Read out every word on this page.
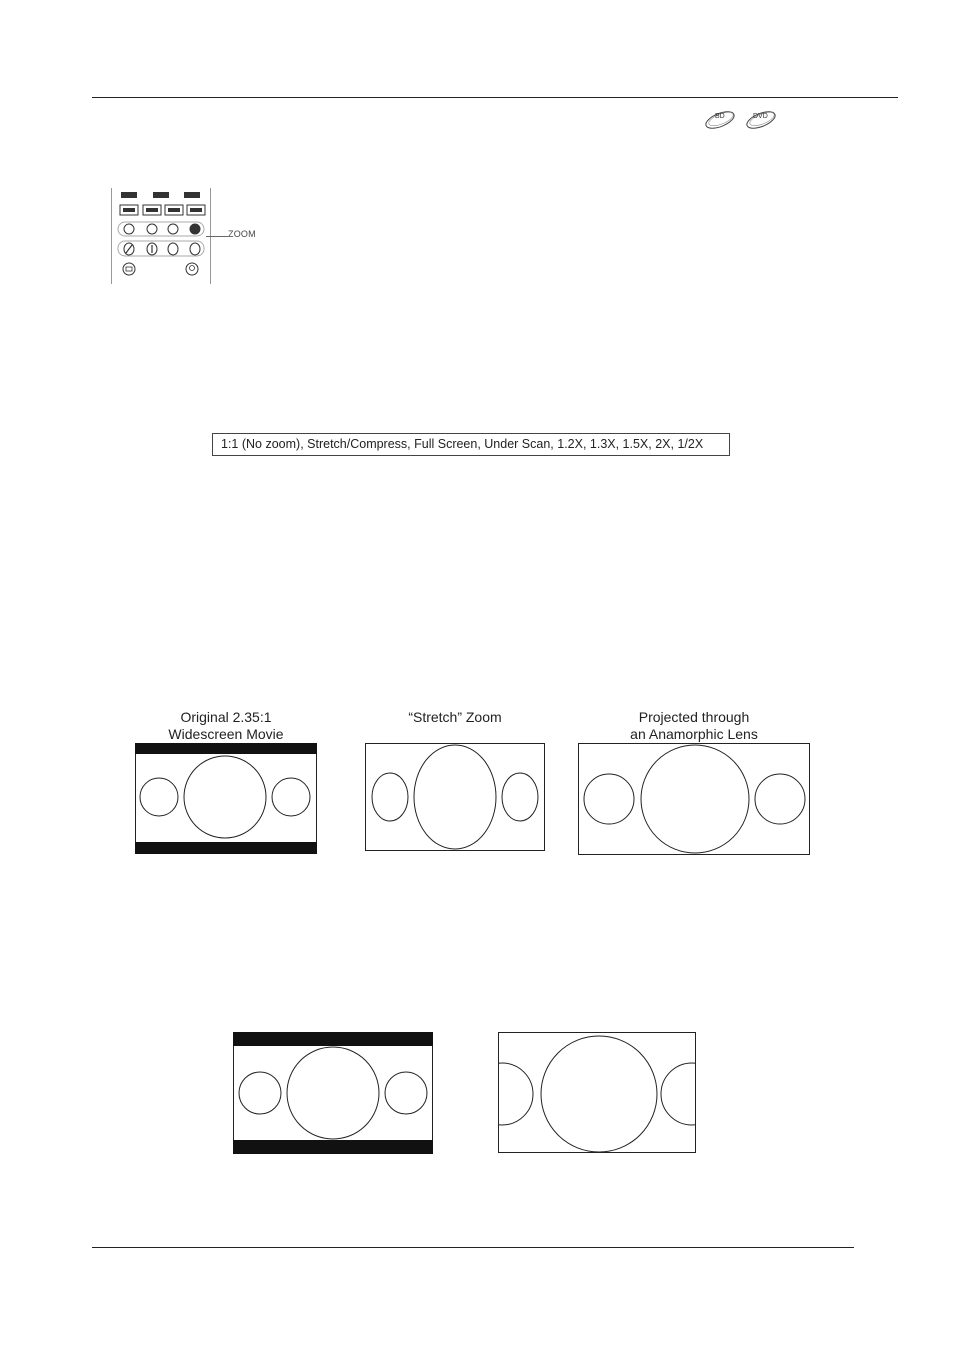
BD	DVD
ZOOM
1:1 (No zoom), Stretch/Compress, Full Screen, Under Scan, 1.2X, 1.3X, 1.5X, 2X, 1/2X
Original 2.35:1
Widescreen Movie
“Stretch” Zoom	Projected through
an Anamorphic Lens
